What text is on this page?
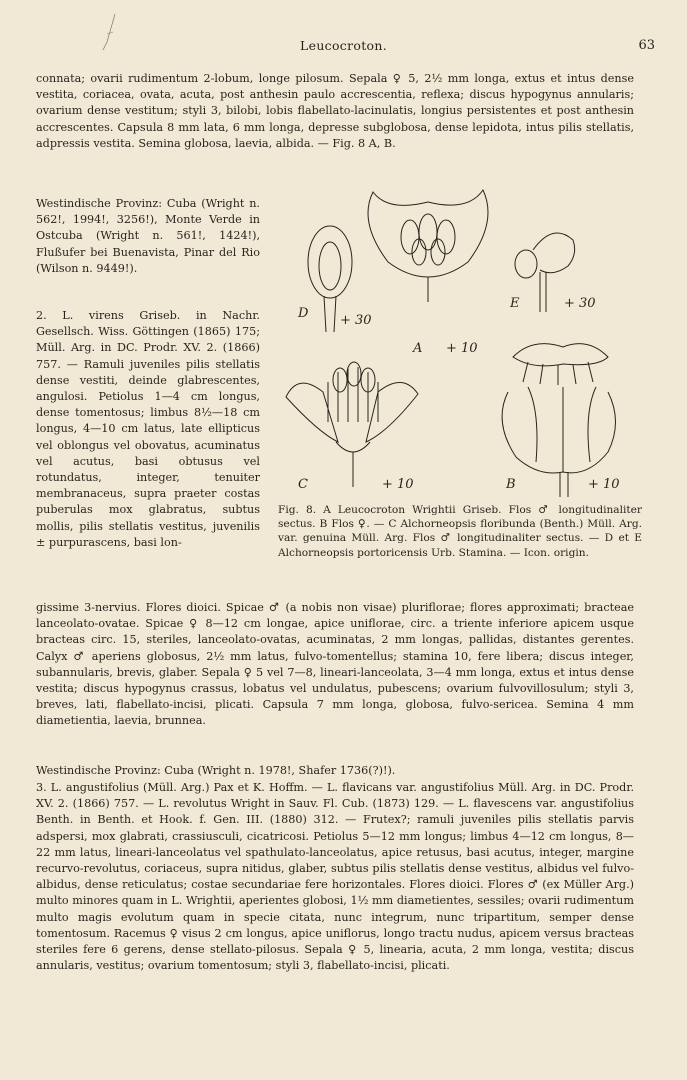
Leucocroton.	63
connata; ovarii rudimentum 2-lobum, longe pilosum. Sepala ♀ 5, 2½ mm longa, extus et intus dense vestita, coriacea, ovata, acuta, post anthesin paulo accrescentia, reflexa; discus hypogynus annularis; ovarium dense vestitum; styli 3, bilobi, lobis flabellato-lacinulatis, longius persistentes et post anthesin accrescentes. Capsula 8 mm lata, 6 mm longa, depresse subglobosa, dense lepidota, intus pilis stellatis, adpressis vestita. Semina globosa, laevia, albida. — Fig. 8 A, B.
Westindische Provinz: Cuba (Wright n. 562!, 1994!, 3256!), Monte Verde in Ostcuba (Wright n. 561!, 1424!), Flußufer bei Buenavista, Pinar del Rio (Wilson n. 9449!).
2. L. virens Griseb. in Nachr. Gesellsch. Wiss. Göttingen (1865) 175; Müll. Arg. in DC. Prodr. XV. 2. (1866) 757. — Ramuli juveniles pilis stellatis dense vestiti, deinde glabrescentes, angulosi. Petiolus 1—4 cm longus, dense tomentosus; limbus 8½—18 cm longus, 4—10 cm latus, late ellipticus vel oblongus vel obovatus, acuminatus vel acutus, basi obtusus vel rotundatus, integer, tenuiter membranaceus, supra praeter costas puberulas mox glabratus, subtus mollis, pilis stellatis vestitus, juvenilis ± purpurascens, basi lon-
D + 30
A + 10
E	+ 30
C	+ 10	B	+ 10
Fig. 8. A Leucocroton Wrightii Griseb. Flos ♂ longitudinaliter sectus. B Flos ♀. — C Alchorneopsis floribunda (Benth.) Müll. Arg. var. genuina Müll. Arg. Flos ♂ longitudinaliter sectus. — D et E Alchorneopsis portoricensis Urb. Stamina. — Icon. origin.
gissime 3-nervius. Flores dioici. Spicae ♂ (a nobis non visae) pluriflorae; flores approximati; bracteae lanceolato-ovatae. Spicae ♀ 8—12 cm longae, apice uniflorae, circ. a triente inferiore apicem usque bracteas circ. 15, steriles, lanceolato-ovatas, acuminatas, 2 mm longas, pallidas, distantes gerentes. Calyx ♂ aperiens globosus, 2½ mm latus, fulvo-tomentellus; stamina 10, fere libera; discus integer, subannularis, brevis, glaber. Sepala ♀ 5 vel 7—8, lineari-lanceolata, 3—4 mm longa, extus et intus dense vestita; discus hypogynus crassus, lobatus vel undulatus, pubescens; ovarium fulvovillosulum; styli 3, breves, lati, flabellato-incisi, plicati. Capsula 7 mm longa, globosa, fulvo-sericea. Semina 4 mm diametientia, laevia, brunnea.
Westindische Provinz: Cuba (Wright n. 1978!, Shafer 1736(?)!).
3. L. angustifolius (Müll. Arg.) Pax et K. Hoffm. — L. flavicans var. angustifolius Müll. Arg. in DC. Prodr. XV. 2. (1866) 757. — L. revolutus Wright in Sauv. Fl. Cub. (1873) 129. — L. flavescens var. angustifolius Benth. in Benth. et Hook. f. Gen. III. (1880) 312. — Frutex?; ramuli juveniles pilis stellatis parvis adspersi, mox glabrati, crassiusculi, cicatricosi. Petiolus 5—12 mm longus; limbus 4—12 cm longus, 8—22 mm latus, lineari-lanceolatus vel spathulato-lanceolatus, apice retusus, basi acutus, integer, margine recurvo-revolutus, coriaceus, supra nitidus, glaber, subtus pilis stellatis dense vestitus, albidus vel fulvo-albidus, dense reticulatus; costae secundariae fere horizontales. Flores dioici. Flores ♂ (ex Müller Arg.) multo minores quam in L. Wrightii, aperientes globosi, 1½ mm diametientes, sessiles; ovarii rudimentum multo magis evolutum quam in specie citata, nunc integrum, nunc tripartitum, semper dense tomentosum. Racemus ♀ visus 2 cm longus, apice uniflorus, longo tractu nudus, apicem versus bracteas steriles fere 6 gerens, dense stellato-pilosus. Sepala ♀ 5, linearia, acuta, 2 mm longa, vestita; discus annularis, vestitus; ovarium tomentosum; styli 3, flabellato-incisi, plicati.
